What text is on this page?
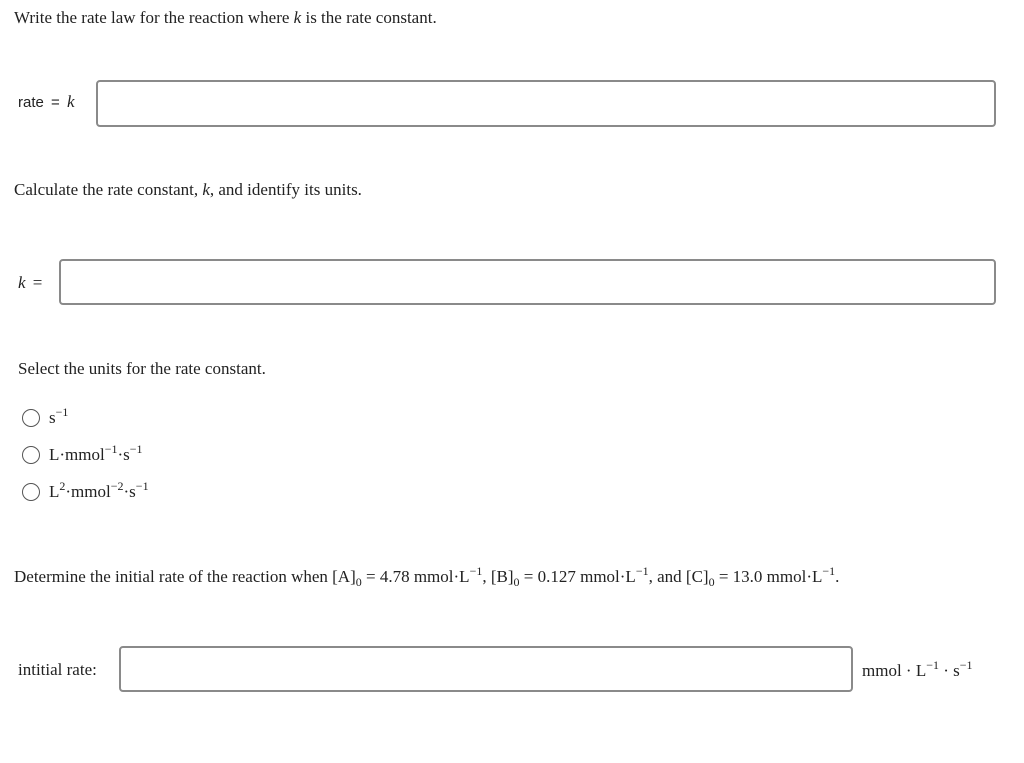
Write the rate law for the reaction where k is the rate constant.
rate = k
Calculate the rate constant, k, and identify its units.
k =
Select the units for the rate constant.
$s^{-1}$
$L\cdot mmol^{-1}\cdot s^{-1}$
$L^2\cdot mmol^{-2}\cdot s^{-1}$
Determine the initial rate of the reaction when $[A]_0 = 4.78$ $mmol\cdot L^{-1}$, $[B]_0 = 0.127$ $mmol\cdot L^{-1}$, and $[C]_0 = 13.0$ $mmol\cdot L^{-1}$.
intitial rate:	mmol · $L^{-1} \cdot s^{-1}$
